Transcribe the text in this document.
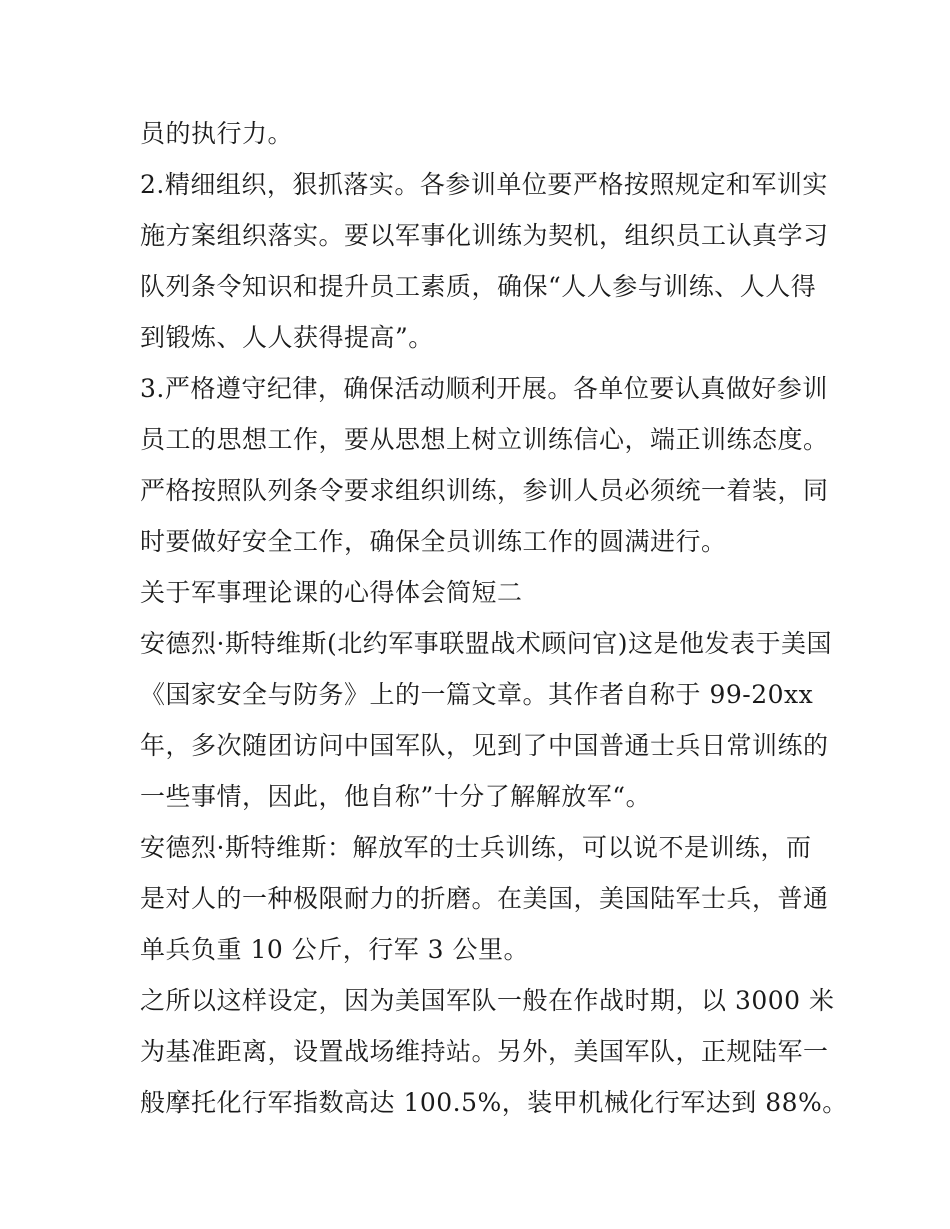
员的执行力。
2.精细组织，狠抓落实。各参训单位要严格按照规定和军训实
施方案组织落实。要以军事化训练为契机，组织员工认真学习
队列条令知识和提升员工素质，确保“人人参与训练、人人得
到锻炼、人人获得提高”。
3.严格遵守纪律，确保活动顺利开展。各单位要认真做好参训
员工的思想工作，要从思想上树立训练信心，端正训练态度。
严格按照队列条令要求组织训练，参训人员必须统一着装，同
时要做好安全工作，确保全员训练工作的圆满进行。
关于军事理论课的心得体会简短二
安德烈·斯特维斯(北约军事联盟战术顾问官)这是他发表于美国
《国家安全与防务》上的一篇文章。其作者自称于 99-20xx
年，多次随团访问中国军队，见到了中国普通士兵日常训练的
一些事情，因此，他自称”十分了解解放军“。
安德烈·斯特维斯：解放军的士兵训练，可以说不是训练，而
是对人的一种极限耐力的折磨。在美国，美国陆军士兵，普通
单兵负重 10 公斤，行军 3 公里。
之所以这样设定，因为美国军队一般在作战时期，以 3000 米
为基准距离，设置战场维持站。另外，美国军队，正规陆军一
般摩托化行军指数高达 100.5%，装甲机械化行军达到 88%。
